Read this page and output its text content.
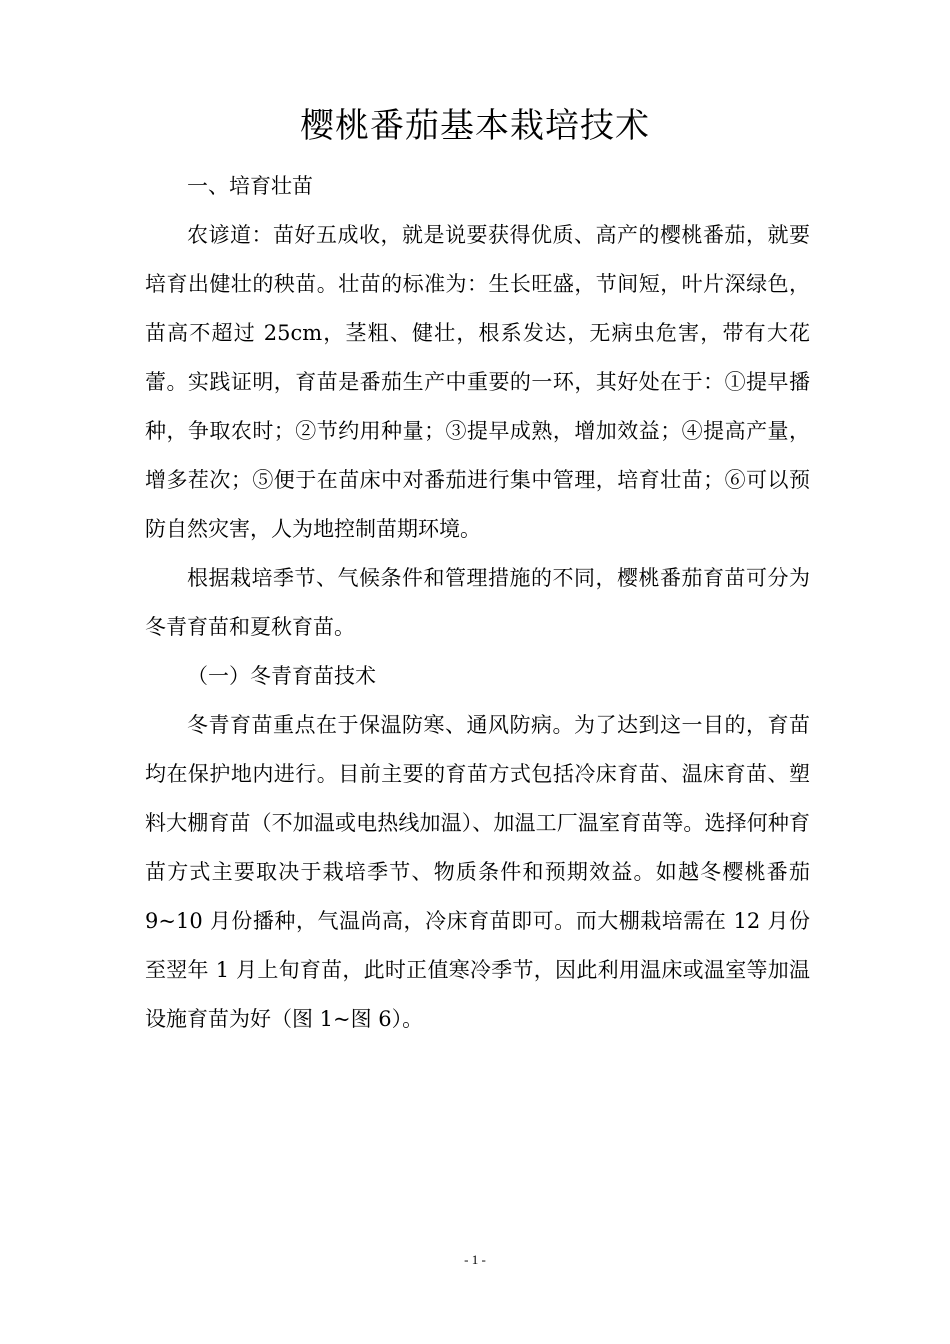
樱桃番茄基本栽培技术

一、培育壮苗

农谚道：苗好五成收，就是说要获得优质、高产的樱桃番茄，就要培育出健壮的秧苗。壮苗的标准为：生长旺盛，节间短，叶片深绿色，苗高不超过 25cm，茎粗、健壮，根系发达，无病虫危害，带有大花蕾。实践证明，育苗是番茄生产中重要的一环，其好处在于：①提早播种，争取农时；②节约用种量；③提早成熟，增加效益；④提高产量，增多茬次；⑤便于在苗床中对番茄进行集中管理，培育壮苗；⑥可以预防自然灾害，人为地控制苗期环境。

根据栽培季节、气候条件和管理措施的不同，樱桃番茄育苗可分为冬青育苗和夏秋育苗。

（一）冬青育苗技术

冬青育苗重点在于保温防寒、通风防病。为了达到这一目的，育苗均在保护地内进行。目前主要的育苗方式包括冷床育苗、温床育苗、塑料大棚育苗（不加温或电热线加温）、加温工厂温室育苗等。选择何种育苗方式主要取决于栽培季节、物质条件和预期效益。如越冬樱桃番茄 9~10 月份播种，气温尚高，冷床育苗即可。而大棚栽培需在 12 月份至翌年 1 月上旬育苗，此时正值寒冷季节，因此利用温床或温室等加温设施育苗为好（图 1~图 6）。

- 1 -
